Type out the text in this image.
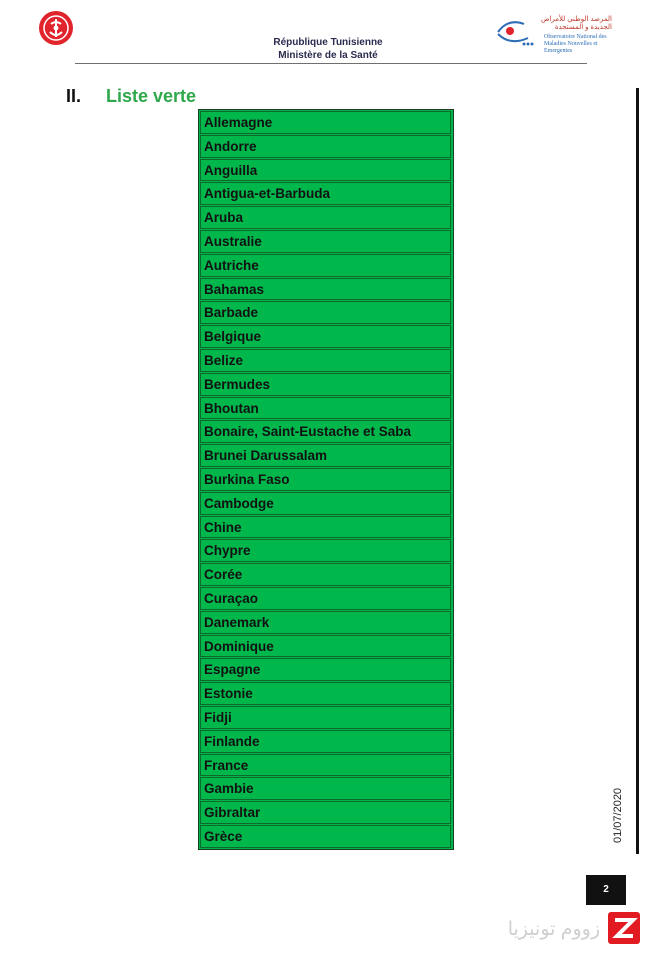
المرصد الوطني للأمراض الجديدة و المستجدة
Observatoire National des Maladies Nouvelles et Emergentes
République Tunisienne
Ministère de la Santé
II. Liste verte
Allemagne
Andorre
Anguilla
Antigua-et-Barbuda
Aruba
Australie
Autriche
Bahamas
Barbade
Belgique
Belize
Bermudes
Bhoutan
Bonaire, Saint-Eustache et Saba
Brunei Darussalam
Burkina Faso
Cambodge
Chine
Chypre
Corée
Curaçao
Danemark
Dominique
Espagne
Estonie
Fidji
Finlande
France
Gambie
Gibraltar
Grèce	01/07/2020
2
زووم تونيزيا
